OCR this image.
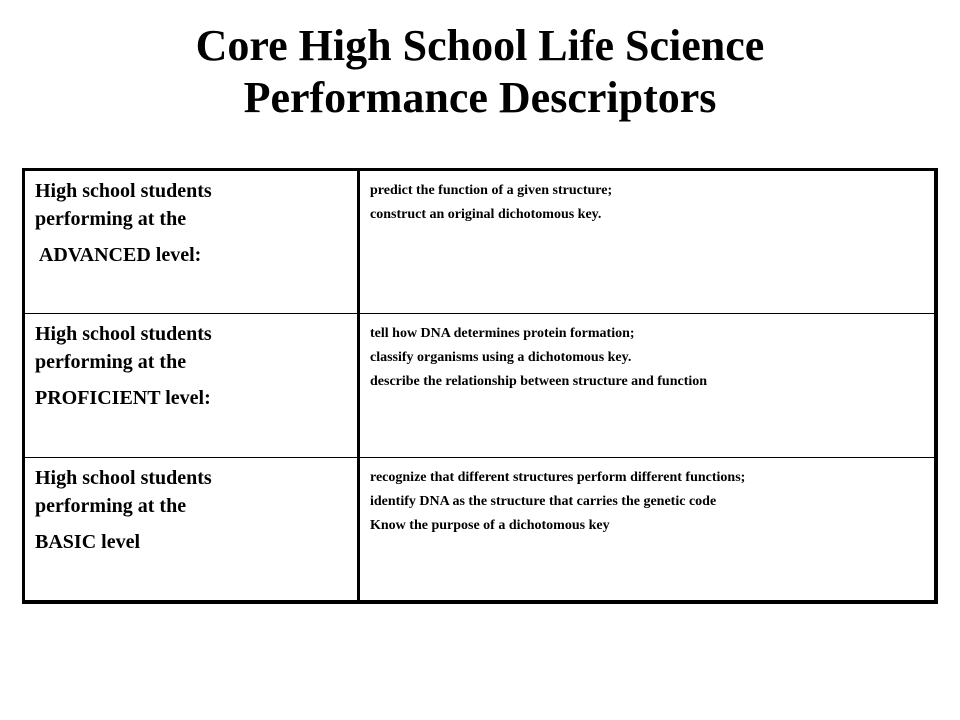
Core High School Life Science
Performance Descriptors
High school students
performing at the
ADVANCED level:	predict the function of a given structure;
construct an original dichotomous key.

High school students
performing at the
PROFICIENT level:	tell how DNA determines protein formation;
classify organisms using a dichotomous key.
describe the relationship between structure and function

High school students
performing at the
BASIC level	recognize that different structures perform different functions;
identify DNA as the structure that carries the genetic code
Know the purpose of a dichotomous key
